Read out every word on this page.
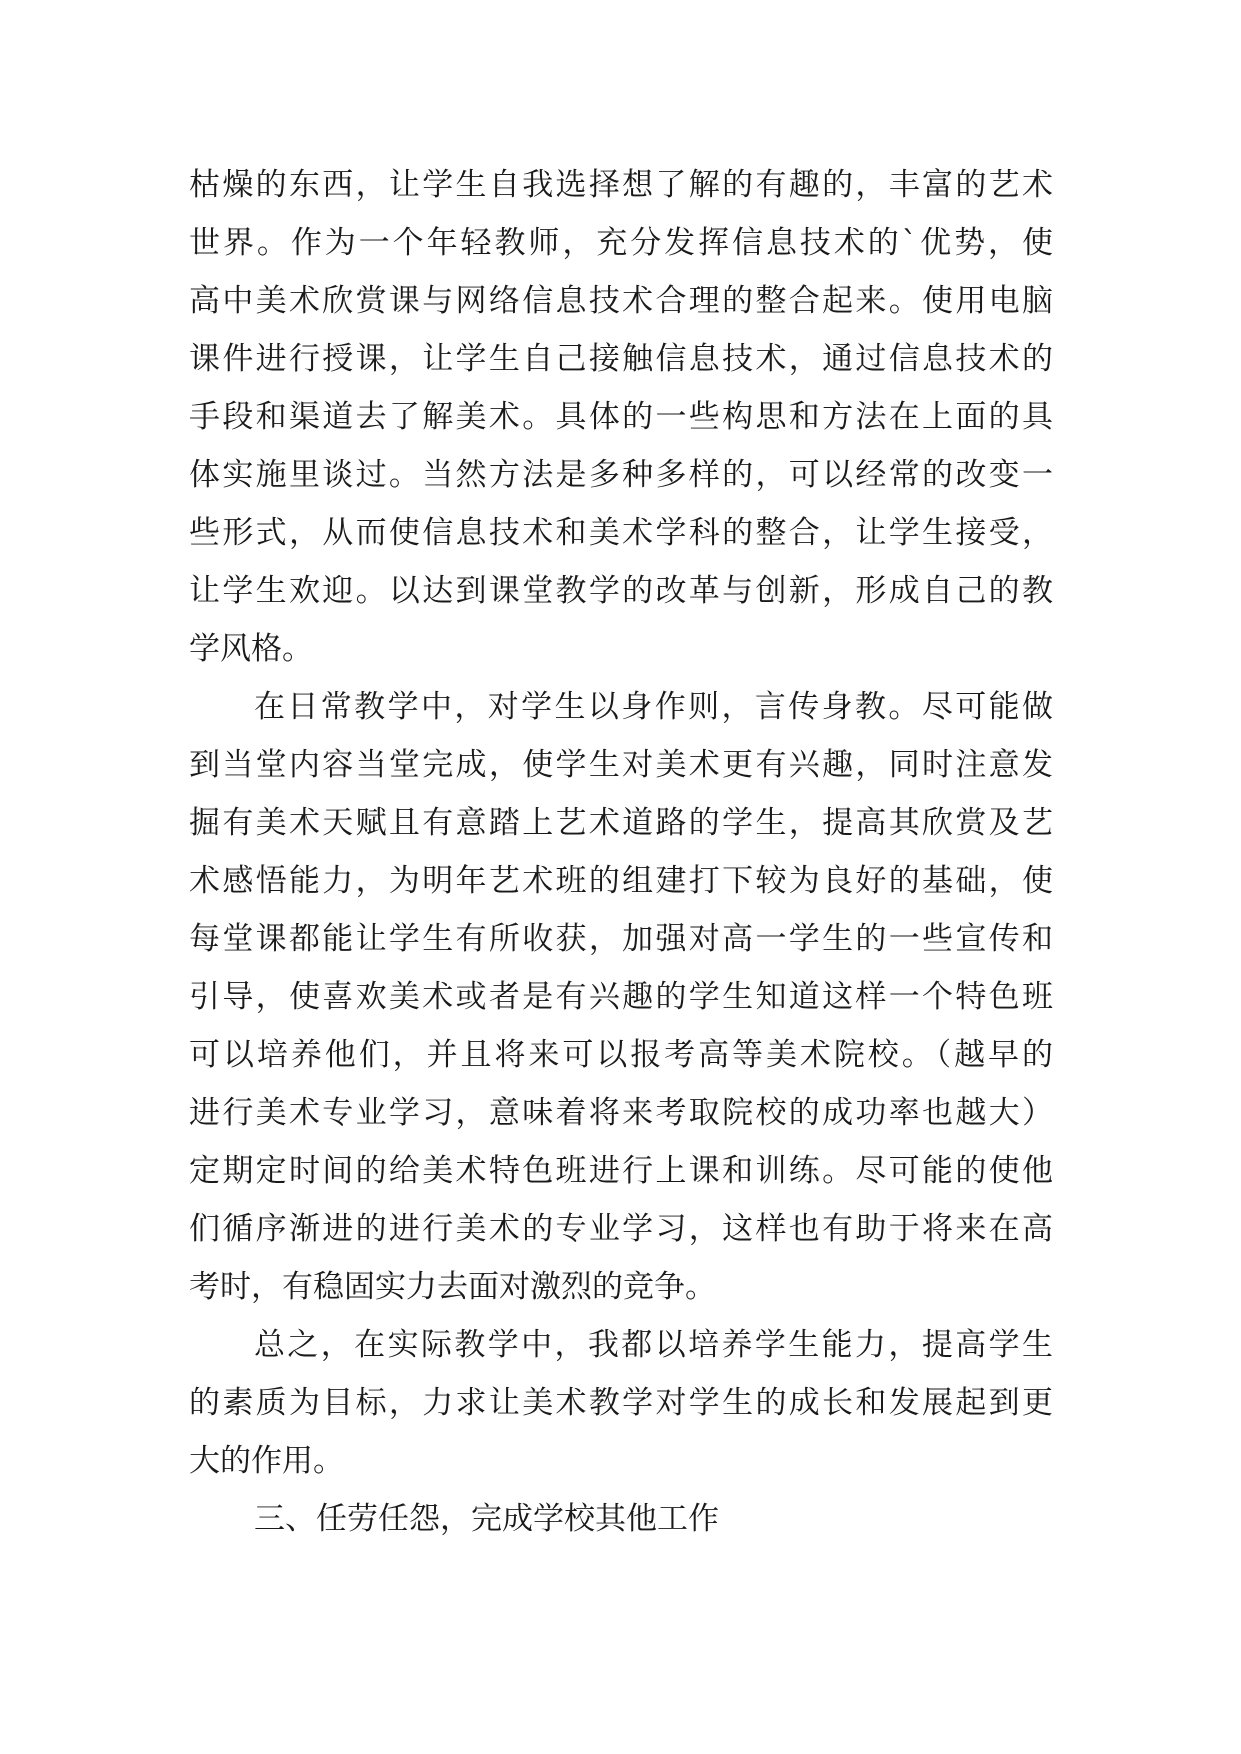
枯燥的东西，让学生自我选择想了解的有趣的，丰富的艺术

世界。作为一个年轻教师，充分发挥信息技术的`优势，使

高中美术欣赏课与网络信息技术合理的整合起来。使用电脑

课件进行授课，让学生自己接触信息技术，通过信息技术的

手段和渠道去了解美术。具体的一些构思和方法在上面的具

体实施里谈过。当然方法是多种多样的，可以经常的改变一

些形式，从而使信息技术和美术学科的整合，让学生接受，

让学生欢迎。以达到课堂教学的改革与创新，形成自己的教

学风格。

在日常教学中，对学生以身作则，言传身教。尽可能做

到当堂内容当堂完成，使学生对美术更有兴趣，同时注意发

掘有美术天赋且有意踏上艺术道路的学生，提高其欣赏及艺

术感悟能力，为明年艺术班的组建打下较为良好的基础，使

每堂课都能让学生有所收获，加强对高一学生的一些宣传和

引导，使喜欢美术或者是有兴趣的学生知道这样一个特色班

可以培养他们，并且将来可以报考高等美术院校。（越早的

进行美术专业学习，意味着将来考取院校的成功率也越大）

定期定时间的给美术特色班进行上课和训练。尽可能的使他

们循序渐进的进行美术的专业学习，这样也有助于将来在高

考时，有稳固实力去面对激烈的竞争。

总之，在实际教学中，我都以培养学生能力，提高学生

的素质为目标，力求让美术教学对学生的成长和发展起到更

大的作用。

三、任劳任怨，完成学校其他工作
